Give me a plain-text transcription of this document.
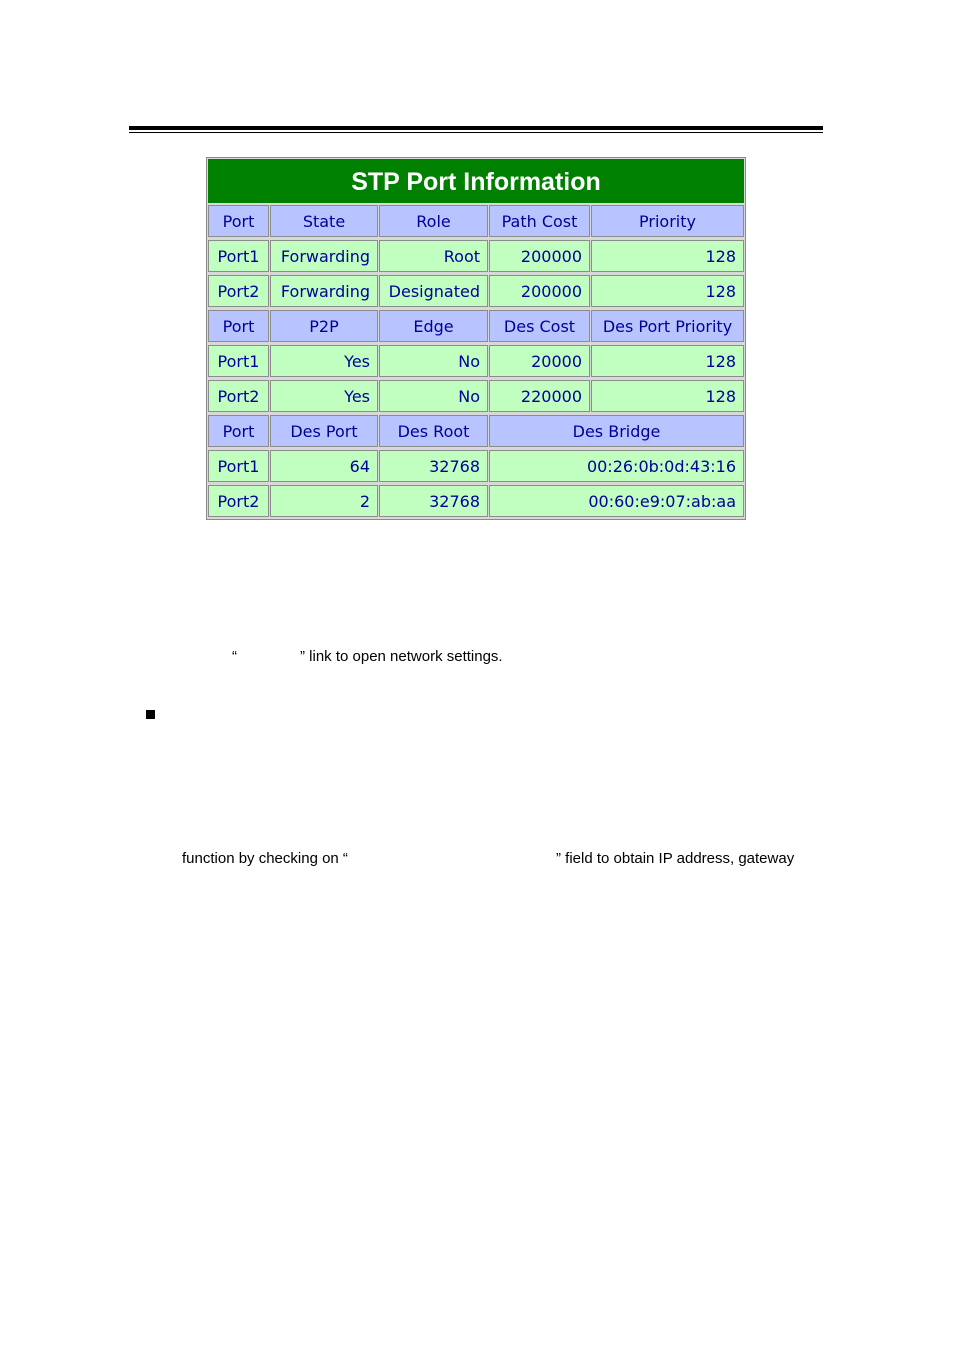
STP Port Information
Port	State	Role	Path Cost	Priority
Port1	Forwarding	Root	200000	128
Port2	Forwarding	Designated	200000	128
Port	P2P	Edge	Des Cost	Des Port Priority
Port1	Yes	No	20000	128
Port2	Yes	No	220000	128
Port	Des Port	Des Root	Des Bridge
Port1	64	32768	00:26:0b:0d:43:16
Port2	2	32768	00:60:e9:07:ab:aa
“	” link to open network settings.
function by checking on “	” field to obtain IP address, gateway
